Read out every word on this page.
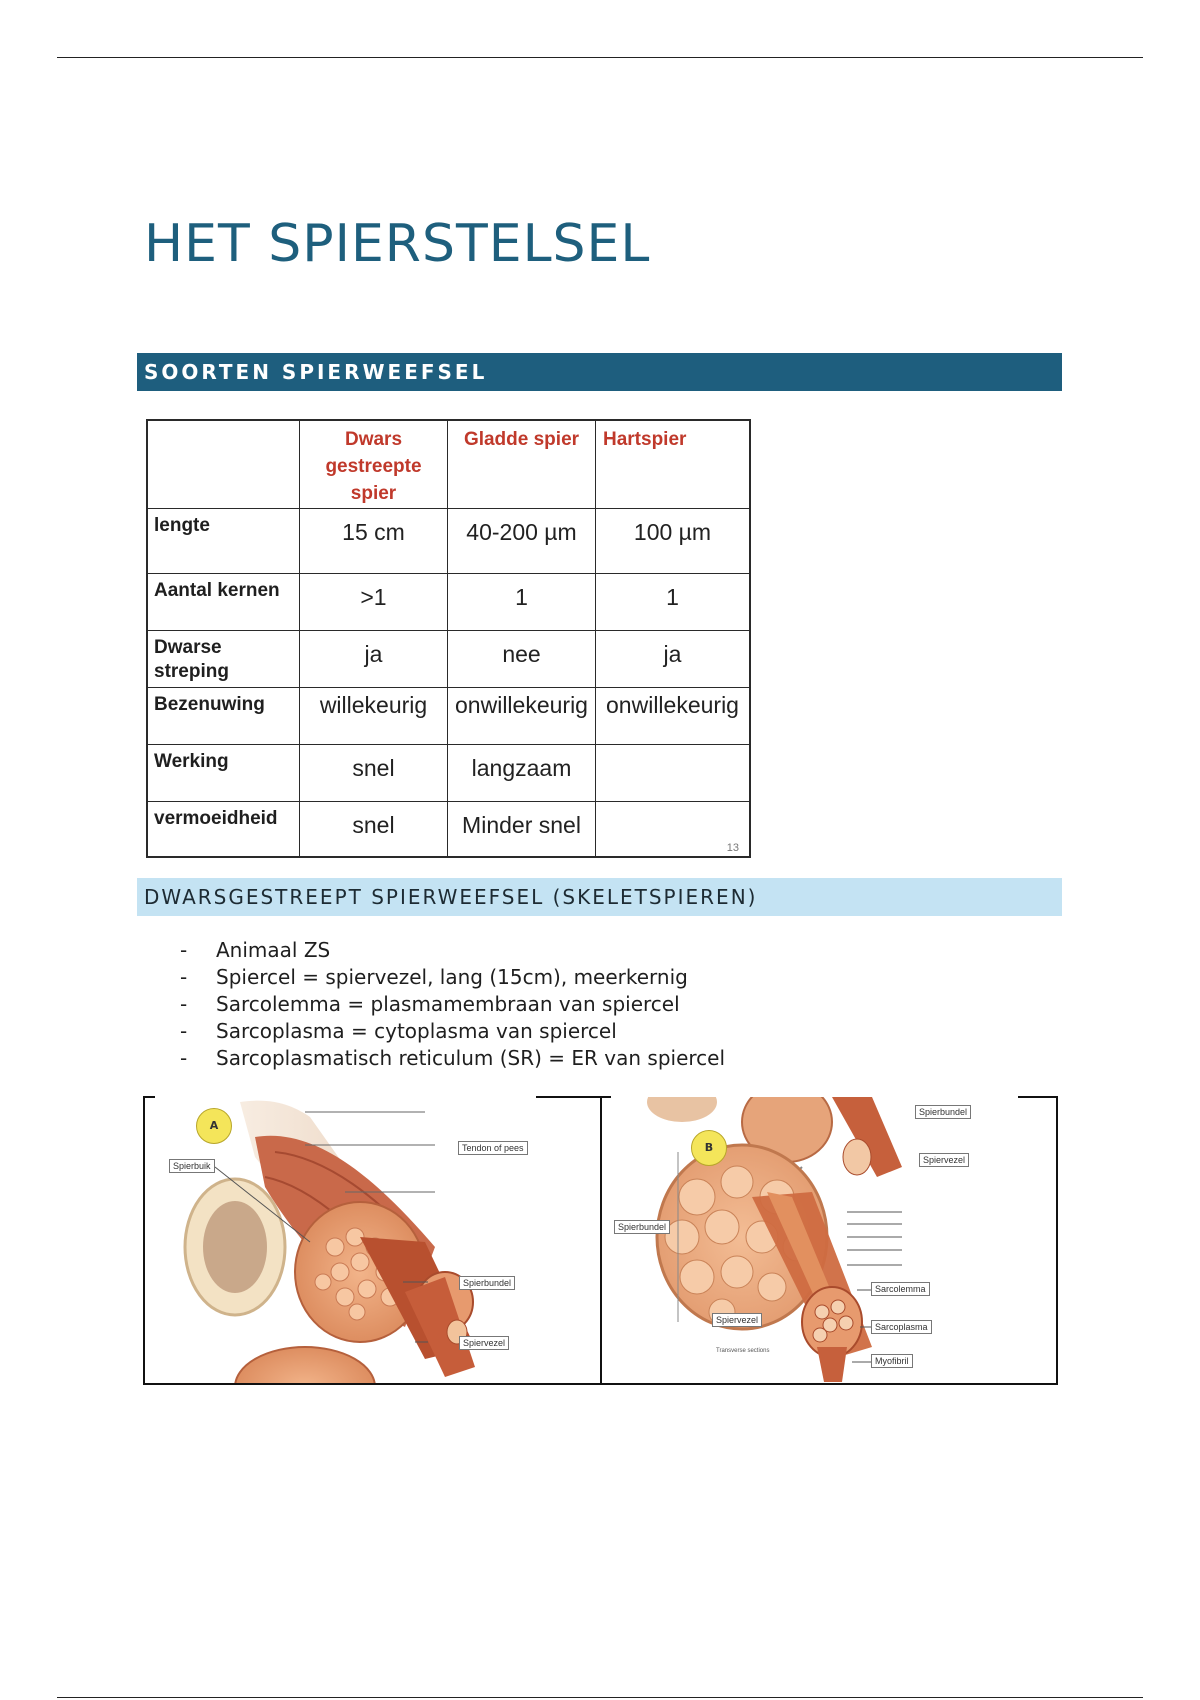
HET SPIERSTELSEL
SOORTEN SPIERWEEFSEL

	Dwars
gestreepte
spier	Gladde spier	Hartspier
lengte	15 cm	40-200 µm	100 µm
Aantal kernen	>1	1	1
Dwarse streping	ja	nee	ja
Bezenuwing	willekeurig	onwillekeurig	onwillekeurig
Werking	snel	langzaam	
vermoeidheid	snel	Minder snel	13
DWARSGESTREEPT SPIERWEEFSEL (SKELETSPIEREN)
- Animaal ZS
- Spiercel = spiervezel, lang (15cm), meerkernig
- Sarcolemma = plasmamembraan van spiercel
- Sarcoplasma = cytoplasma van spiercel
- Sarcoplasmatisch reticulum (SR) = ER van spiercel
A
Spierbuik
Tendon of pees
Spierbundel
Spiervezel
B
Spierbundel
Spiervezel
Spierbundel
Spiervezel
Sarcolemma
Sarcoplasma
Myofibril
Transverse sections
